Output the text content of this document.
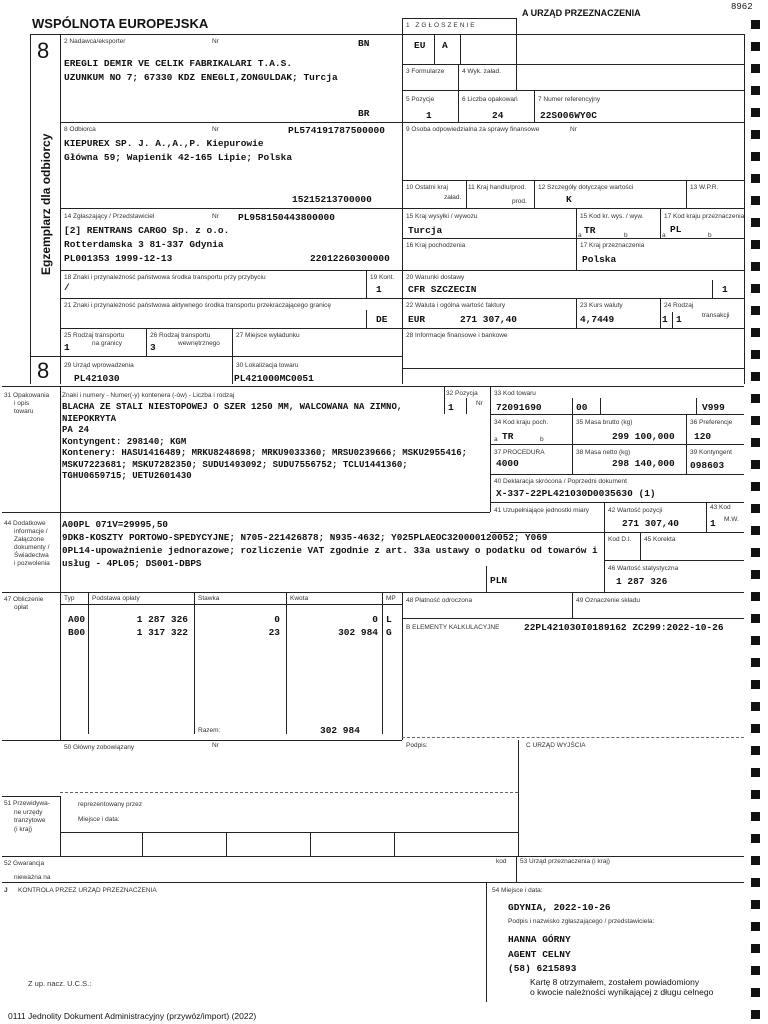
WSPÓLNOTA EUROPEJSKA
A URZĄD PRZEZNACZENIA
8962
8
Egzemplarz dla odbiorcy
1 ZGŁOSZENIE
EU A
2 Nadawca/eksporter	Nr	BN
EREGLI DEMIR VE CELIK FABRIKALARI T.A.S.
UZUNKUM NO 7; 67330 KDZ ENEGLI,ZONGULDAK; Turcja
BR
3 Formularze	4 Wyk. załad.
5 Pozycje
1
6 Liczba opakowań
24
7 Numer referencyjny
22S006WY0C
8 Odbiorca	Nr	PL574191787500000
KIEPUREX SP. J. A.,A.,P. Kiepurowie
Główna 59; Wapienik 42-165 Lipie; Polska
15215213700000
9 Osoba odpowiedzialna za sprawy finansowe	Nr
10 Ostatni kraj
załad.
11 Kraj handlu/prod.
prod.
12 Szczegóły dotyczące wartości
K
13 W.P.R.
14 Zgłaszający / Przedstawiciel	Nr PL958150443800000
[2] RENTRANS CARGO Sp. z o.o.
Rotterdamska 3 81-337 Gdynia
PL001353 1999-12-13	22012260300000
15 Kraj wysyłki / wywozu
Turcja
15 Kod kr. wys. / wyw.
a TR	b
17 Kod kraju przeznaczenia
a
PL
b
16 Kraj pochodzenia	17 Kraj przeznaczenia
Polska
18 Znaki i przynależność państwowa środka transportu przy przybyciu
/
19 Kont.
1
20 Warunki dostawy
CFR SZCZECIN	1
21 Znaki i przynależność państwowa aktywnego środka transportu przekraczającego granicę
DE
22 Waluta i ogólna wartość faktury
EUR	271 307,40
23 Kurs waluty
4,7449
24 Rodzaj
transakcji
1 1
25 Rodzaj transportu
na granicy
1
26 Rodzaj transportu
wewnętrznego
3
27 Miejsce wyładunku	28 Informacje finansowe i bankowe
8 29 Urząd wprowadzenia
PL421030
30 Lokalizacja towaru
PL421000MC0051
31 Opakowania
i opis
towaru
Znaki i numery - Numer(-y) kontenera (-ów) - Liczba i rodzaj
BLACHA ZE STALI NIESTOPOWEJ O SZER 1250 MM, WALCOWANA NA ZIMNO,
NIEPOKRYTA
PA 24
Kontyngent: 298140; KGM
Kontenery: HASU1416489; MRKU8248698; MRKU9033360; MRSU0239666; MSKU2955416;
MSKU7223681; MSKU7282350; SUDU1493092; SUDU7556752; TCLU1441360;
TGHU0659715; UETU2601430
32 Pozycja
Nr
1
33 Kod towaru
72091690	00	V999
34 Kod kraju poch.
a TR	b
35 Masa brutto (kg)
299 100,000
36 Preferencje
120
37 PROCEDURA
4000
38 Masa netto (kg)
298 140,000
39 Kontyngent
098603
40 Deklaracja skrócona / Poprzedni dokument
X-337-22PL421030D0035630 (1)
41 Uzupełniające jednostki miary	42 Wartość pozycji
271 307,40
43 Kod
M.W.
1
44 Dodatkowe
informacje /
Załączone
dokumenty /
Świadectwa
i pozwolenia
A00PL 071V=29995,50
9DK8-KOSZTY PORTOWO-SPEDYCYJNE; N705-221426878; N935-4632; Y025PLAEOC320000120052; Y069
0PL14-upoważnienie jednorazowe; rozliczenie VAT zgodnie z art. 33a ustawy o podatku od towarów i
usług - 4PL05; DS001-DBPS
Kod D.I. 45 Korekta
46 Wartość statystyczna
1 287 326
PLN
47 Obliczenie
opłat
Typ	Podstawa opłaty	Stawka	Kwota	MP
A00	1 287 326	0	0 L
B00	1 317 322	23	302 984 G
Razem:	302 984
48 Płatność odroczona	49 Oznaczenie składu
B ELEMENTY KALKULACYJNE	22PL421030I0189162 ZC299:2022-10-26
50 Główny zobowiązany	Nr	Podpis:
reprezentowany przez
Miejsce i data:
C URZĄD WYJŚCIA
51 Przewidywa-
ne urzędy
tranzytowe
(i kraj)
52 Gwarancja
nieważna na
kod 53 Urząd przeznaczenia (i kraj)
J KONTROLA PRZEZ URZĄD PRZEZNACZENIA
Z up. nacz. U.C.S.:
54 Miejsce i data:
GDYNIA, 2022-10-26
Podpis i nazwisko zgłaszającego / przedstawiciela:
HANNA GÓRNY
AGENT CELNY
(58) 6215893
Kartę 8 otrzymałem, zostałem powiadomiony
o kwocie należności wynikającej z długu celnego
0111 Jednolity Dokument Administracyjny (przywóz/import) (2022)
